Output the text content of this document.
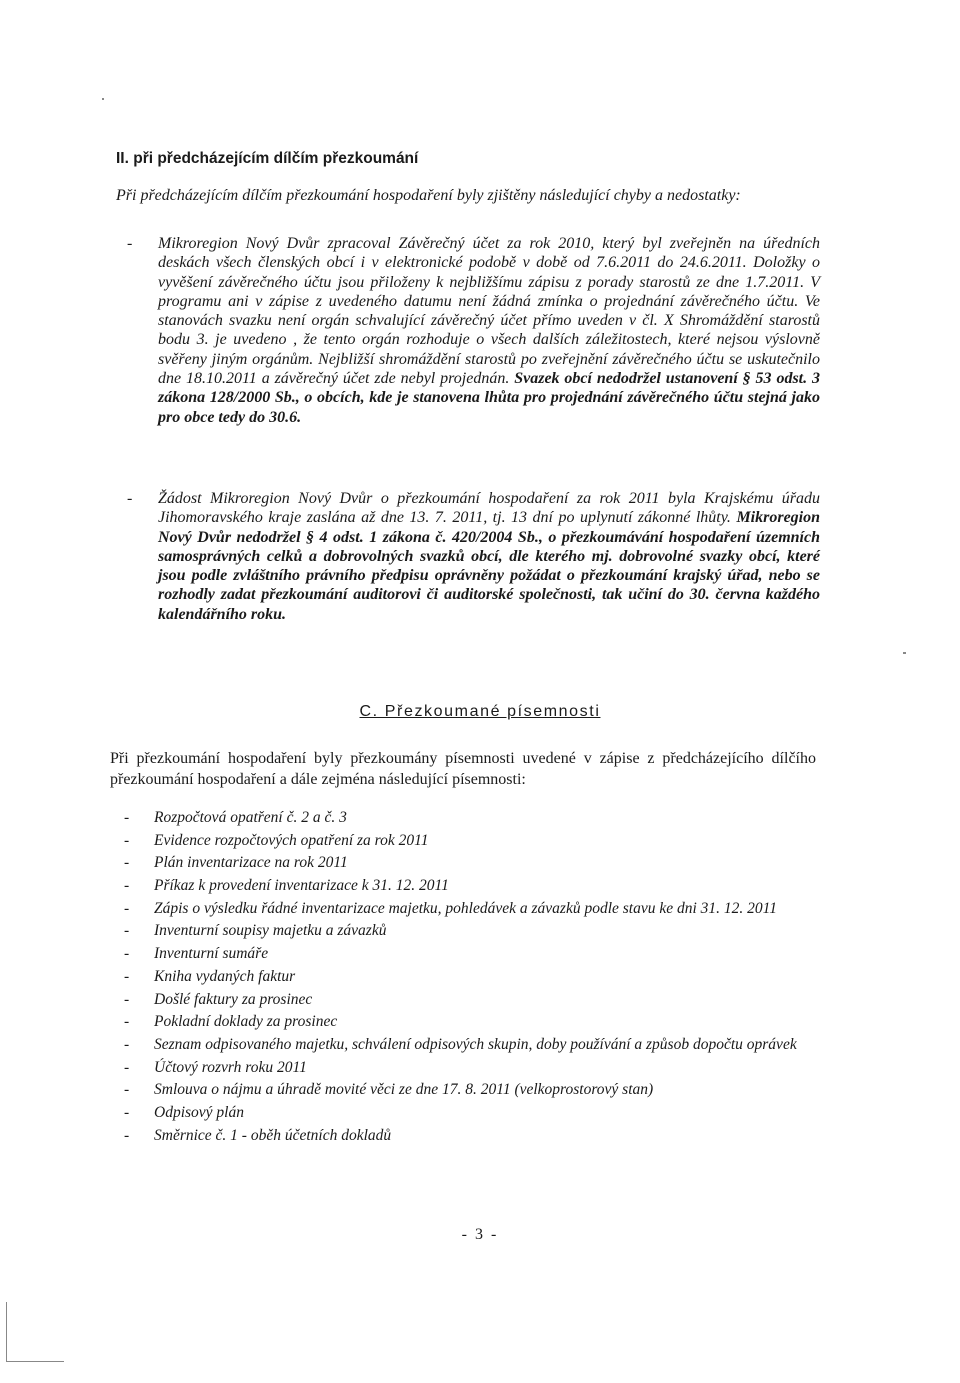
II. při předcházejícím dílčím přezkoumání
Při předcházejícím dílčím přezkoumání hospodaření byly zjištěny následující chyby a nedostatky:
- Mikroregion Nový Dvůr zpracoval Závěrečný účet za rok 2010, který byl zveřejněn na úředních deskách všech členských obcí i v elektronické podobě v době od 7.6.2011 do 24.6.2011. Doložky o vyvěšení závěrečného účtu jsou přiloženy k nejbližšímu zápisu z porady starostů ze dne 1.7.2011. V programu ani v zápise z uvedeného datumu není žádná zmínka o projednání závěrečného účtu. Ve stanovách svazku není orgán schvalující závěrečný účet přímo uveden v čl. X Shromáždění starostů bodu 3. je uvedeno , že tento orgán rozhoduje o všech dalších záležitostech, které nejsou výslovně svěřeny jiným orgánům. Nejbližší shromáždění starostů po zveřejnění závěrečného účtu se uskutečnilo dne 18.10.2011 a závěrečný účet zde nebyl projednán. Svazek obcí nedodržel ustanovení § 53 odst. 3 zákona 128/2000 Sb., o obcích, kde je stanovena lhůta pro projednání závěrečného účtu stejná jako pro obce tedy do 30.6.
- Žádost Mikroregion Nový Dvůr o přezkoumání hospodaření za rok 2011 byla Krajskému úřadu Jihomoravského kraje zaslána až dne 13. 7. 2011, tj. 13 dní po uplynutí zákonné lhůty. Mikroregion Nový Dvůr nedodržel § 4 odst. 1 zákona č. 420/2004 Sb., o přezkoumávání hospodaření územních samosprávných celků a dobrovolných svazků obcí, dle kterého mj. dobrovolné svazky obcí, které jsou podle zvláštního právního předpisu oprávněny požádat o přezkoumání krajský úřad, nebo se rozhodly zadat přezkoumání auditorovi či auditorské společnosti, tak učiní do 30. června každého kalendářního roku.
C. Přezkoumané písemnosti
Při přezkoumání hospodaření byly přezkoumány písemnosti uvedené v zápise z předcházejícího dílčího přezkoumání hospodaření a dále zejména následující písemnosti:
- Rozpočtová opatření č. 2 a č. 3
- Evidence rozpočtových opatření za rok 2011
- Plán inventarizace na rok 2011
- Příkaz k provedení inventarizace k 31. 12. 2011
- Zápis o výsledku řádné inventarizace majetku, pohledávek a závazků podle stavu ke dni 31. 12. 2011
- Inventurní soupisy majetku a závazků
- Inventurní sumáře
- Kniha vydaných faktur
- Došlé faktury za prosinec
- Pokladní doklady za prosinec
- Seznam odpisovaného majetku, schválení odpisových skupin, doby používání a způsob dopočtu oprávek
- Účtový rozvrh roku 2011
- Smlouva o nájmu a úhradě movité věci ze dne 17. 8. 2011 (velkoprostorový stan)
- Odpisový plán
- Směrnice č. 1 - oběh účetních dokladů
- 3 -
